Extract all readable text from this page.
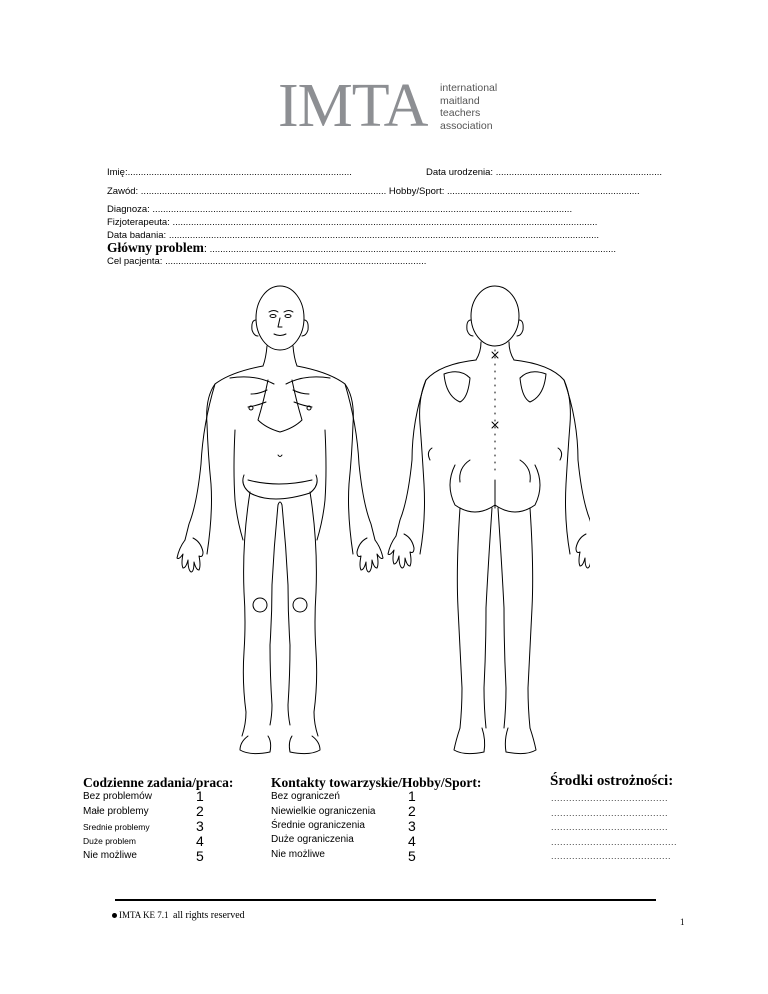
IMTA international
maitland
teachers
association
Imię:.....................................................................................	Data urodzenia: ...............................................................
Zawód: ............................................................................................. Hobby/Sport: .........................................................................
Diagnoza: ...............................................................................................................................................................
Fizjoterapeuta: .................................................................................................................................................................
Data badania: ...................................................................................................................................................................
Główny problem: ..........................................................................................................................................................
Cel pacjenta: ...................................................................................................
Codzienne zadania/praca:
Bez problemów
Małe problemy
Srednie problemy
Duże problem
Nie możliwe
1
2
3
4
5
Kontakty towarzyskie/Hobby/Sport:
Bez ograniczeń
Niewielkie ograniczenia
Średnie ograniczenia
Duże ograniczenia
Nie możliwe
1
2
3
4
5
Środki ostrożności:
.......................................
.......................................
.......................................
..........................................
........................................
IMTA KE 7.1 all rights reserved
1
